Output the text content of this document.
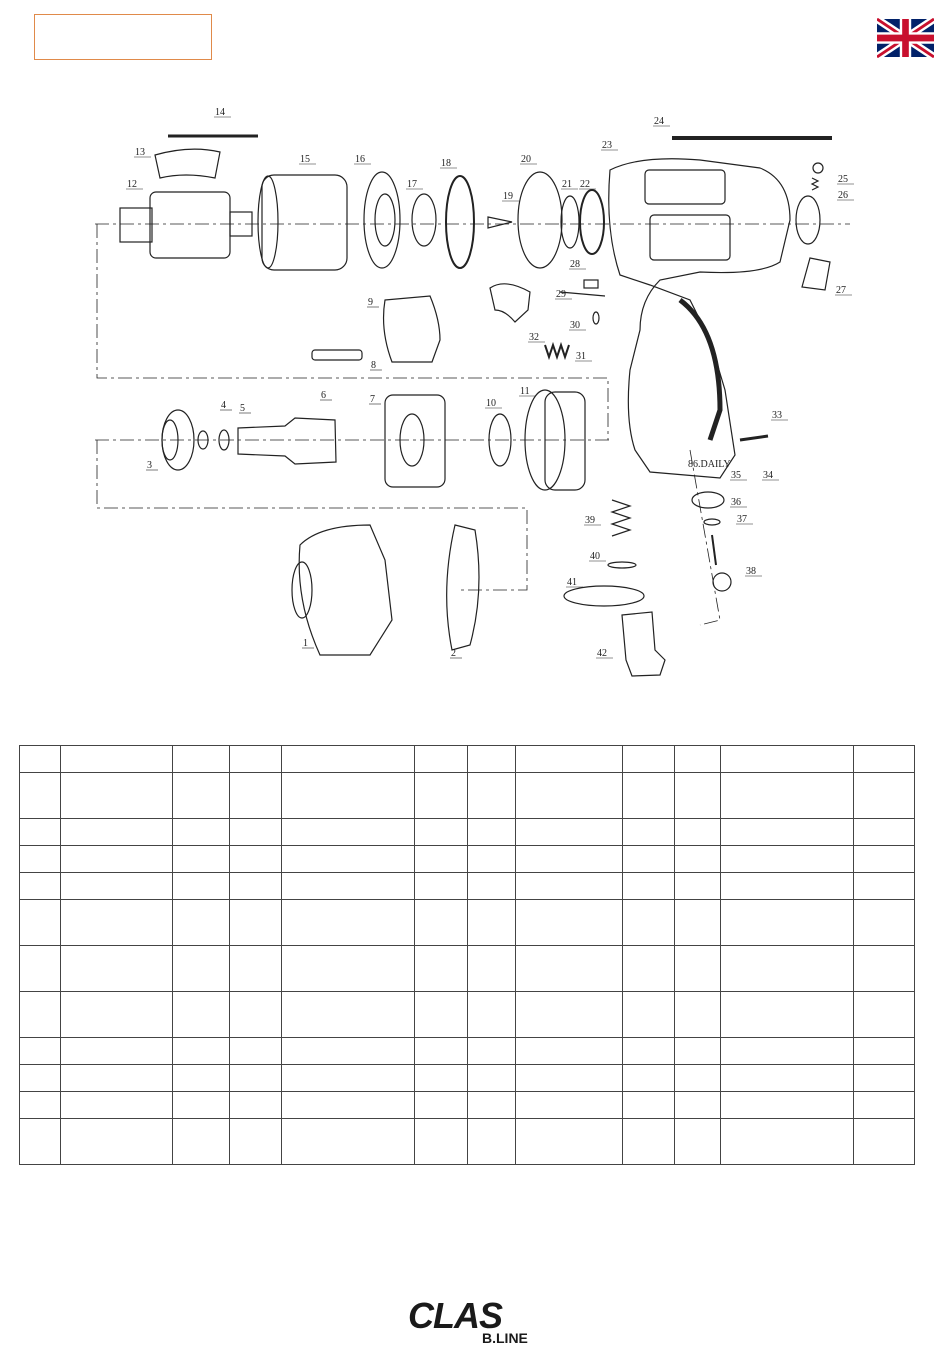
1
2
3
4 5
6	7
8
9
10
11
12
13
14
15	16
17
18
19
20
21 22
23
24
25
26
27
28
29
30
31
32
33
34
35
36
37
38
39
40
41
42
86.DAILY

CLAS
B.LINE
